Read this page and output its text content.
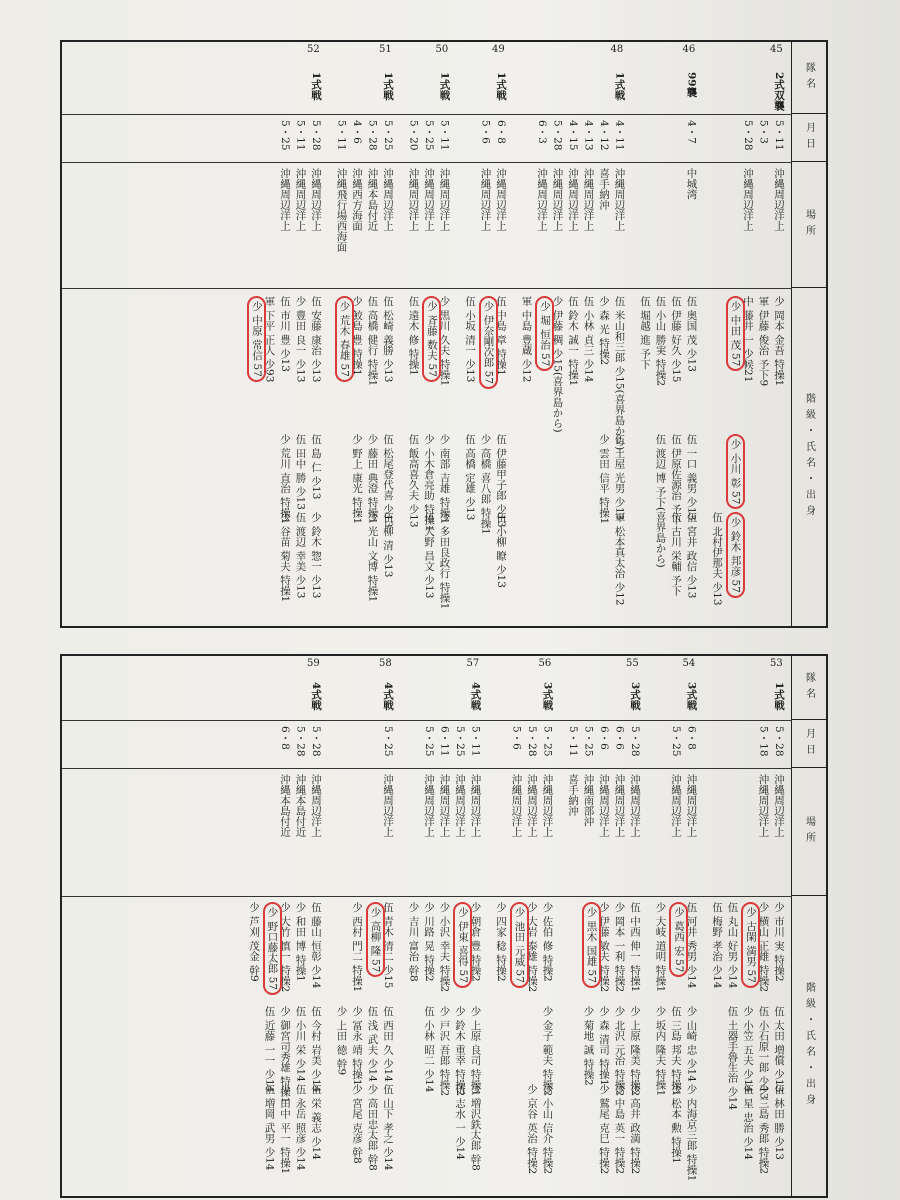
隊名
月日
場所
階級・氏名・出身
45
2式双襲
5・11
5・3
5・28
沖縄周辺洋上
沖縄周辺洋上
少 岡本 金吾 特操1
軍 伊藤 俊治 予下9
中 藤井 一 少候21
少 中田 茂 57
少 小川 彰 57
少 鈴木 邦彦 57
伍 北村伊那夫 少13
46
99襲
4・7
中城湾
伍 奥国 茂 少13
伍 伊藤 好久 少15
伍 小山 勝実 特操2
伍 堀越 進 予下
伍 一口 義男 少13
伍 伊原佐源治 予下
伍 渡辺 博 予下(喜界島から) 伍 宮井 政信 少13
伍 古川 栄輔 予下
48
1式戦
4・11
4・12
4・13
4・15
5・28
6・3
沖縄周辺洋上
喜手納沖
沖縄周辺洋上
沖縄周辺洋上
沖縄周辺洋上
沖縄周辺洋上
伍 米山和三郎 少15(喜界島から)
少 森 光 特操2
伍 小林 貞三 少14
伍 鈴木 誠一 特操1
少 伊藤 稠 少15(喜界島から)
少 堀 恒治 57
軍 中島 豊蔵 少12
伍 土屋 光男 少13
少 雲田 信平 特操1
軍 松本真太治 少12
49
1式戦
6・8
5・6
沖縄周辺洋上
沖縄周辺洋上
伍 中島 章 特操1
少 伊奈剛次郎 57
伍 小坂 清一 少13
伍 伊藤甲子郎 少13
少 高橋 喜八郎 特操1
伍 高橋 定雄 少13
伍 小柳 瞭 少13
50
1式戦
5・11
5・25
5・20
沖縄周辺洋上
沖縄周辺洋上
沖縄周辺洋上
少 黒川 久夫 特操1
少 斉藤 数夫 57
伍 遠木 修 特操1
少 南部 吉雄 特操1
少 小木倉亮助 特操1
伍 飯高喜久夫 少13
少 多田良政行 特操1
伍 大野 昌文 少13
51
1式戦
5・25
5・28
4・6
5・11
沖縄周辺洋上
沖縄本島付近
沖縄西方海面
沖縄飛行場西海面
伍 松崎 義勝 少13
伍 高橋 健行 特操1
少 鮫島 豊 特操1
少 荒木 春雄 57
伍 松尾登代喜 少13
少 藤田 典澄 特操1
少 野上 康光 特操1
伍 柳 清 少13
少 光山 文博 特操1
52
1式戦
5・28
5・11
5・25
沖縄周辺洋上
沖縄周辺洋上
沖縄周辺洋上
伍 安藤 康治 少13
少 豊田 良一 少13
伍 市川 豊 少13
軍 下平 正人 少93
少 中原 常信 57
伍 島 仁 少13
伍 田中 勝 少13
少 荒川 直治 特操1
少 鈴木 惣一 少13
伍 渡辺 幸美 少13
少 谷苗 菊夫 特操1
隊名
月日
場所
階級・氏名・出身
53
1式戦
5・28
5・18
沖縄周辺洋上
沖縄周辺洋上
少 市川 実 特操2
少 横山 正雄 特操2
少 古閑 満男 57
伍 丸山 好男 少14
伍 梅野 孝治 少14
伍 太田 増償 少13
伍 小石原一郎 少13
少 小笠 五夫 少14
伍 土器手魯生治 少14
伍 林田 勝 少13
少 三島 秀郎 特操2
伍 星 忠治 少14
54
3式戦
6・8
5・25
沖縄周辺洋上
沖縄周辺洋上
伍 河井 秀男 少14
少 葛西 宏 57
少 大岐 道明 特操1
少 山崎 忠 少14
伍 三島 邦夫 特操1
少 坂内 隆夫 特操1
少 内海京三郎 特操1
少 松本 勲 特操1
55
3式戦
5・28
6・6
6・6
5・25
5・11
沖縄周辺洋上
沖縄周辺洋上
沖縄周辺洋上
沖縄南部沖
喜手納沖
伍 中西 伸一 特操1
少 岡本 一利 特操2
少 伊藤 敏夫 特操2
少 黒木 国雄 57
少 上原 隆美 特操2
少 北沢 元治 特操2
少 森 清司 特操1
少 菊地 誠 特操2
少 高井 政満 特操2
少 中島 英一 特操2
少 鷲尾 克巳 特操2
56
3式戦
5・25
5・28
5・6
沖縄周辺洋上
沖縄周辺洋上
沖縄周辺洋上
少 佐伯 修 特操2
少 大岩 泰雄 特操2
少 池田 元威 57
少 四家 稔 特操2
少 金子 範夫 特操2
少 小山 信介 特操2
少 京谷 英治 特操2
57
4式戦
5・11
5・25
6・11
5・25
沖縄周辺洋上
沖縄周辺洋上
沖縄周辺洋上
沖縄周辺洋上
少 朝倉 豊 特操2
少 伊東 喜得 57
少 小沢 幸夫 特操2
少 川路 晃 特操2
少 吉川 富治 幹8
少 上原 良司 特操1
少 鈴木 重幸 特操2
少 戸沢 吾郎 特操2
伍 小林 昭二 少14
少 増沢鉄太郎 幹8
伍 志水 一 少14
58
4式戦
5・25
沖縄周辺洋上
伍 青木 清二 少15
少 高柳 隆 57
少 西村 門二 特操1
伍 西田 久 少14
伍 浅 武夫 少14
少 冨永 靖 特操1
少 上田 徳 幹9
伍 山下 孝之 少14
少 高田忠太郎 幹8
少 宮尾 克彦 幹8
59
4式戦
5・28
5・28
6・8
沖縄周辺洋上
沖縄本島付近
沖縄本島付近
伍 藤山 恒彰 少14
少 和田 博 特操1
少 大竹 慎一 特操2
少 野口藤太郎 57
少 芦刈 茂金 幹9
伍 今村 岩美 少14
伍 小川 栄 少14
少 御宮司秀雄 特操1
伍 近藤 一一 少14
伍 栄 義志 少14
伍 永岳 照彦 少14
少 田中 平一 特操1
伍 増岡 武男 少14
